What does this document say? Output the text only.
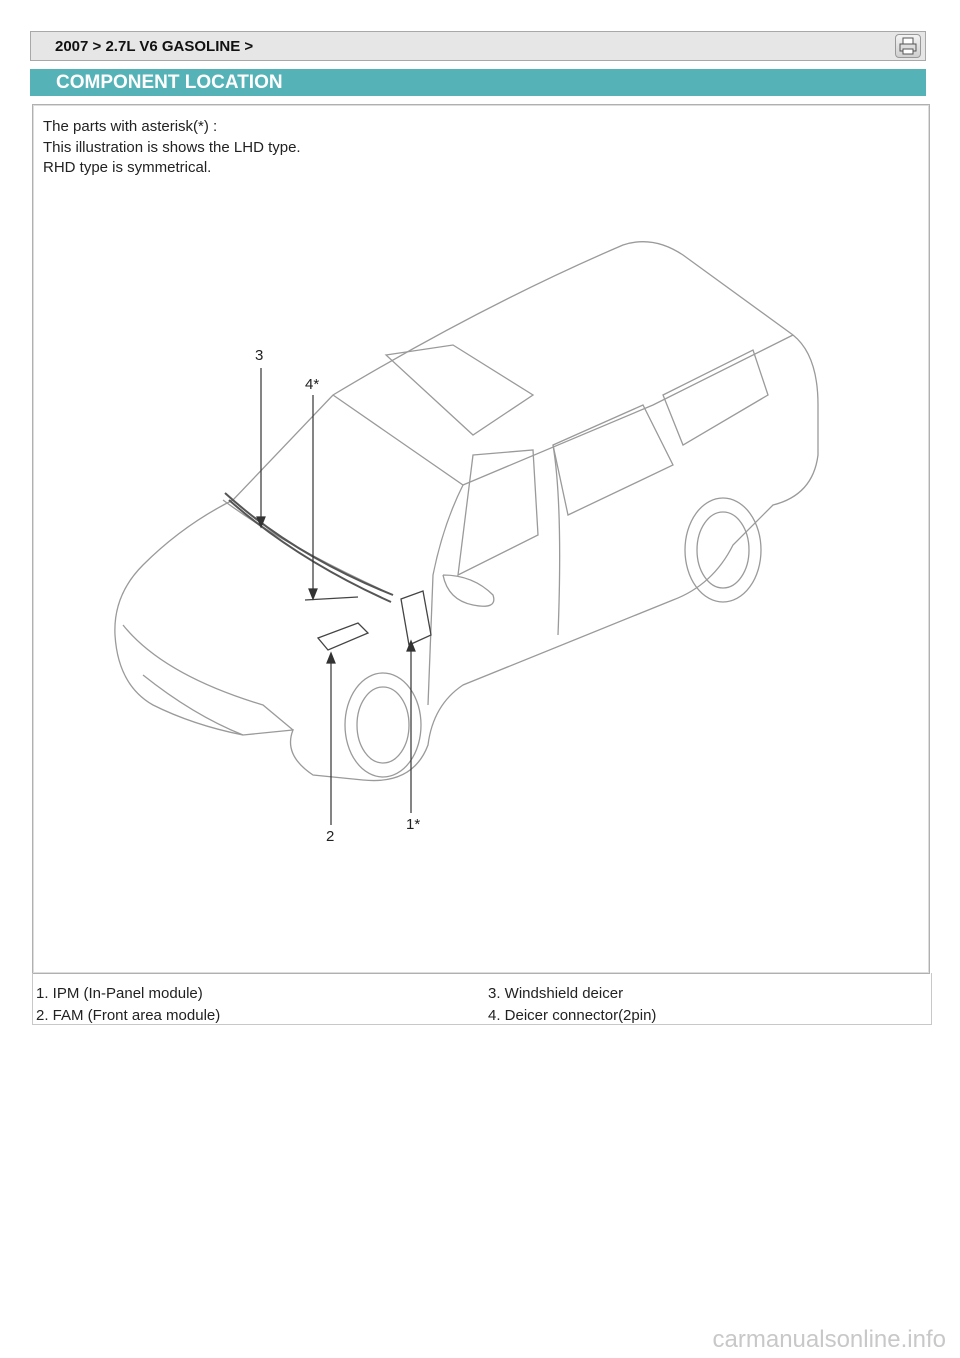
2007 > 2.7L V6 GASOLINE >
COMPONENT LOCATION
The parts with asterisk(*) :
This illustration is shows the LHD type.
RHD type is symmetrical.
3
4*
2
1*
1. IPM (In-Panel module)
2. FAM (Front area module)
3. Windshield deicer
4. Deicer connector(2pin)
carmanualsonline.info
